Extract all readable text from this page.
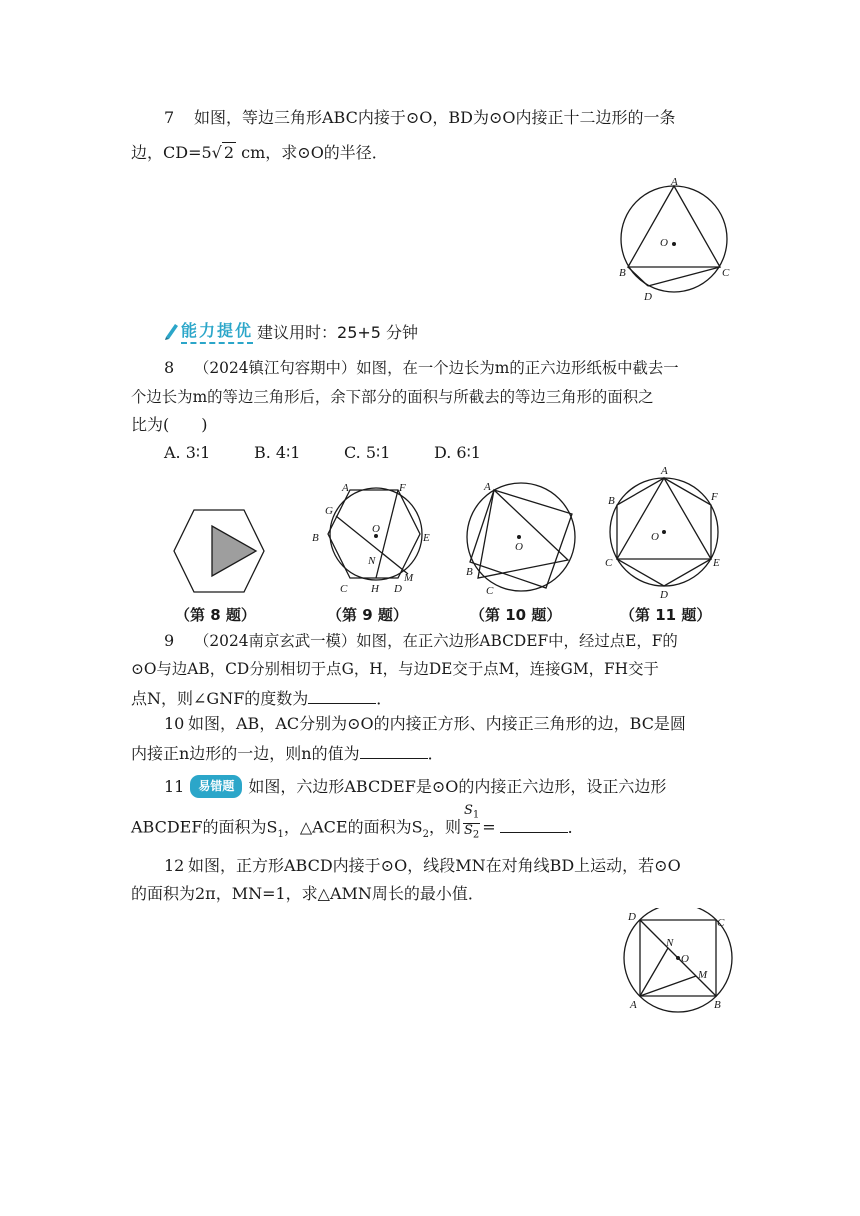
7 如图，等边三角形ABC内接于⊙O，BD为⊙O内接正十二边形的一条
边，CD=5√ 2 cm，求⊙O的半径．
A
O
B	C
D
能力提优 建议用时：25+5 分钟
8 （2024镇江句容期中）如图，在一个边长为m的正六边形纸板中截去一
个边长为m的等边三角形后，余下部分的面积与所截去的等边三角形的面积之
比为(　　)
A. 3∶1	B. 4∶1	C. 5∶1	D. 6∶1
A	F
G
O
B	E
N
M
C H D
A
O
B
C
A
B	F
O
C	E
D
（第 8 题）	（第 9 题）	（第 10 题）	（第 11 题）
9 （2024南京玄武一模）如图，在正六边形ABCDEF中，经过点E，F的
⊙O与边AB，CD分别相切于点G，H，与边DE交于点M，连接GM，FH交于
点N，则∠GNF的度数为	．
10 如图，AB，AC分别为⊙O的内接正方形、内接正三角形的边，BC是圆
内接正n边形的一边，则n的值为	．
11 易错题 如图，六边形ABCDEF是⊙O的内接正六边形，设正六边形
ABCDEF的面积为$S_1$，△ACE的面积为$S_2$，则 $\frac{S_1}{S_2}$ =	．
12 如图，正方形ABCD内接于⊙O，线段MN在对角线BD上运动，若⊙O
的面积为2π，MN=1，求△AMN周长的最小值．
D	C
N
O
M
A	B
